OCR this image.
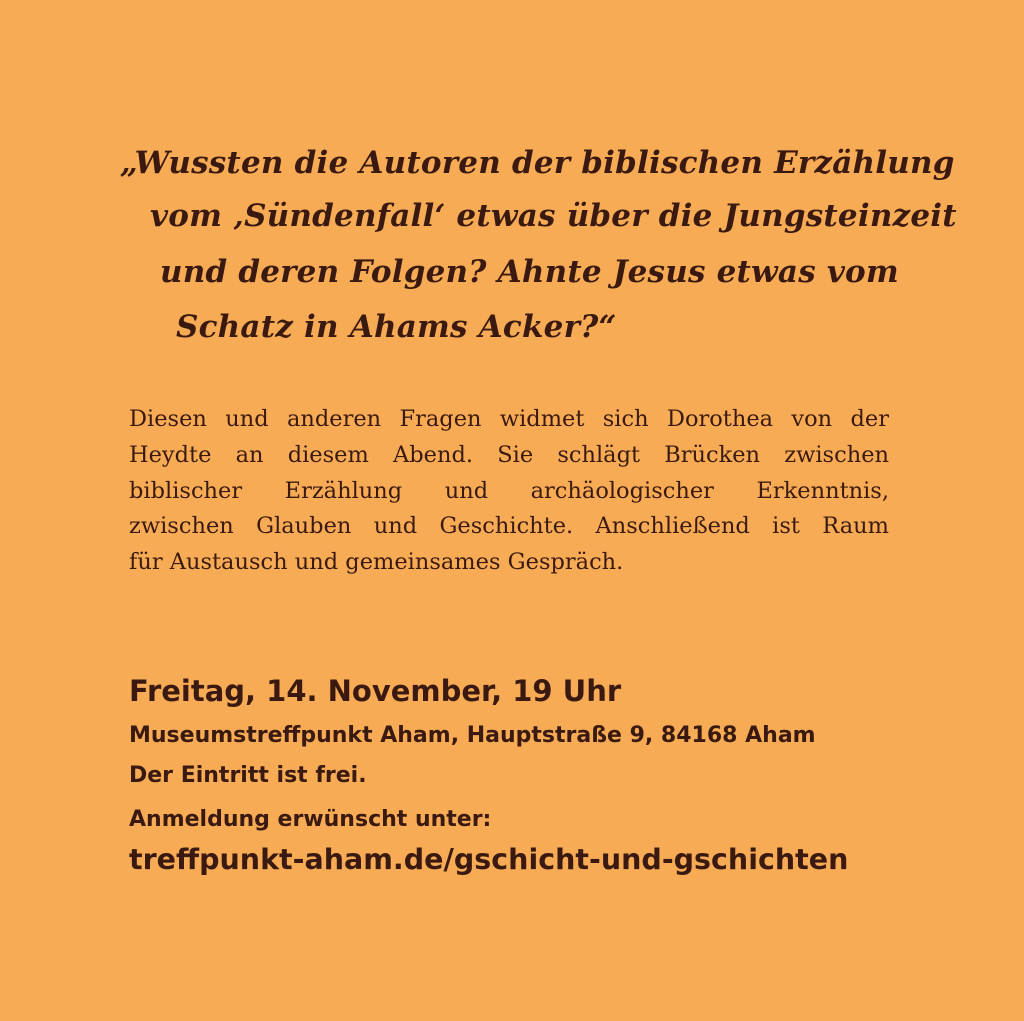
„Wussten die Autoren der biblischen Erzählung

vom ‚Sündenfall‘ etwas über die Jungsteinzeit

und deren Folgen? Ahnte Jesus etwas vom

Schatz in Ahams Acker?“

Diesen und anderen Fragen widmet sich Dorothea von der
Heydte an diesem Abend. Sie schlägt Brücken zwischen
biblischer Erzählung und archäologischer Erkenntnis,
zwischen Glauben und Geschichte. Anschließend ist Raum
für Austausch und gemeinsames Gespräch.

Freitag, 14. November, 19 Uhr

Museumstreffpunkt Aham, Hauptstraße 9, 84168 Aham

Der Eintritt ist frei.

Anmeldung erwünscht unter:

treffpunkt-aham.de/gschicht-und-gschichten
